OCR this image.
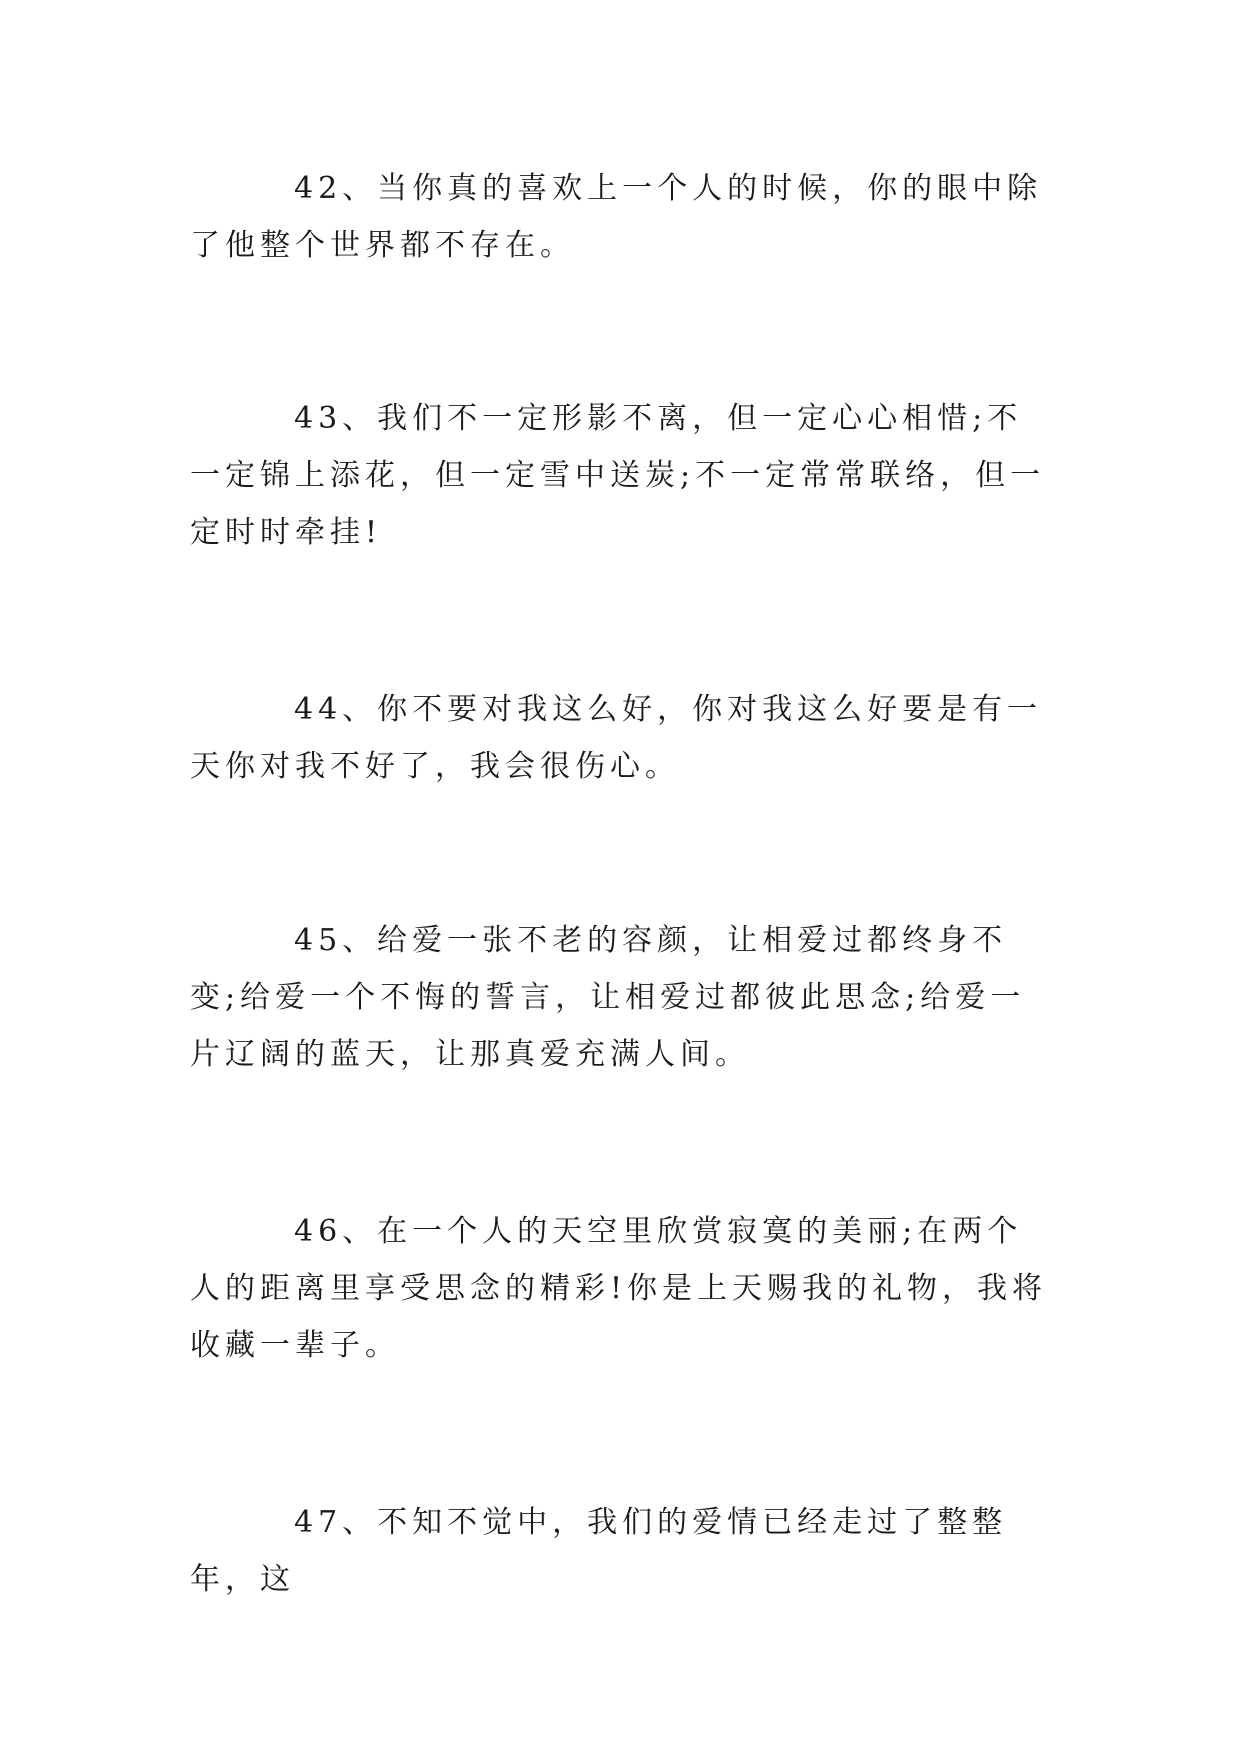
42、当你真的喜欢上一个人的时候，你的眼中除了他整个世界都不存在。

43、我们不一定形影不离，但一定心心相惜;不一定锦上添花，但一定雪中送炭;不一定常常联络，但一定时时牵挂!

44、你不要对我这么好，你对我这么好要是有一天你对我不好了，我会很伤心。

45、给爱一张不老的容颜，让相爱过都终身不变;给爱一个不悔的誓言，让相爱过都彼此思念;给爱一片辽阔的蓝天，让那真爱充满人间。

46、在一个人的天空里欣赏寂寞的美丽;在两个人的距离里享受思念的精彩!你是上天赐我的礼物，我将收藏一辈子。

47、不知不觉中，我们的爱情已经走过了整整年，这
